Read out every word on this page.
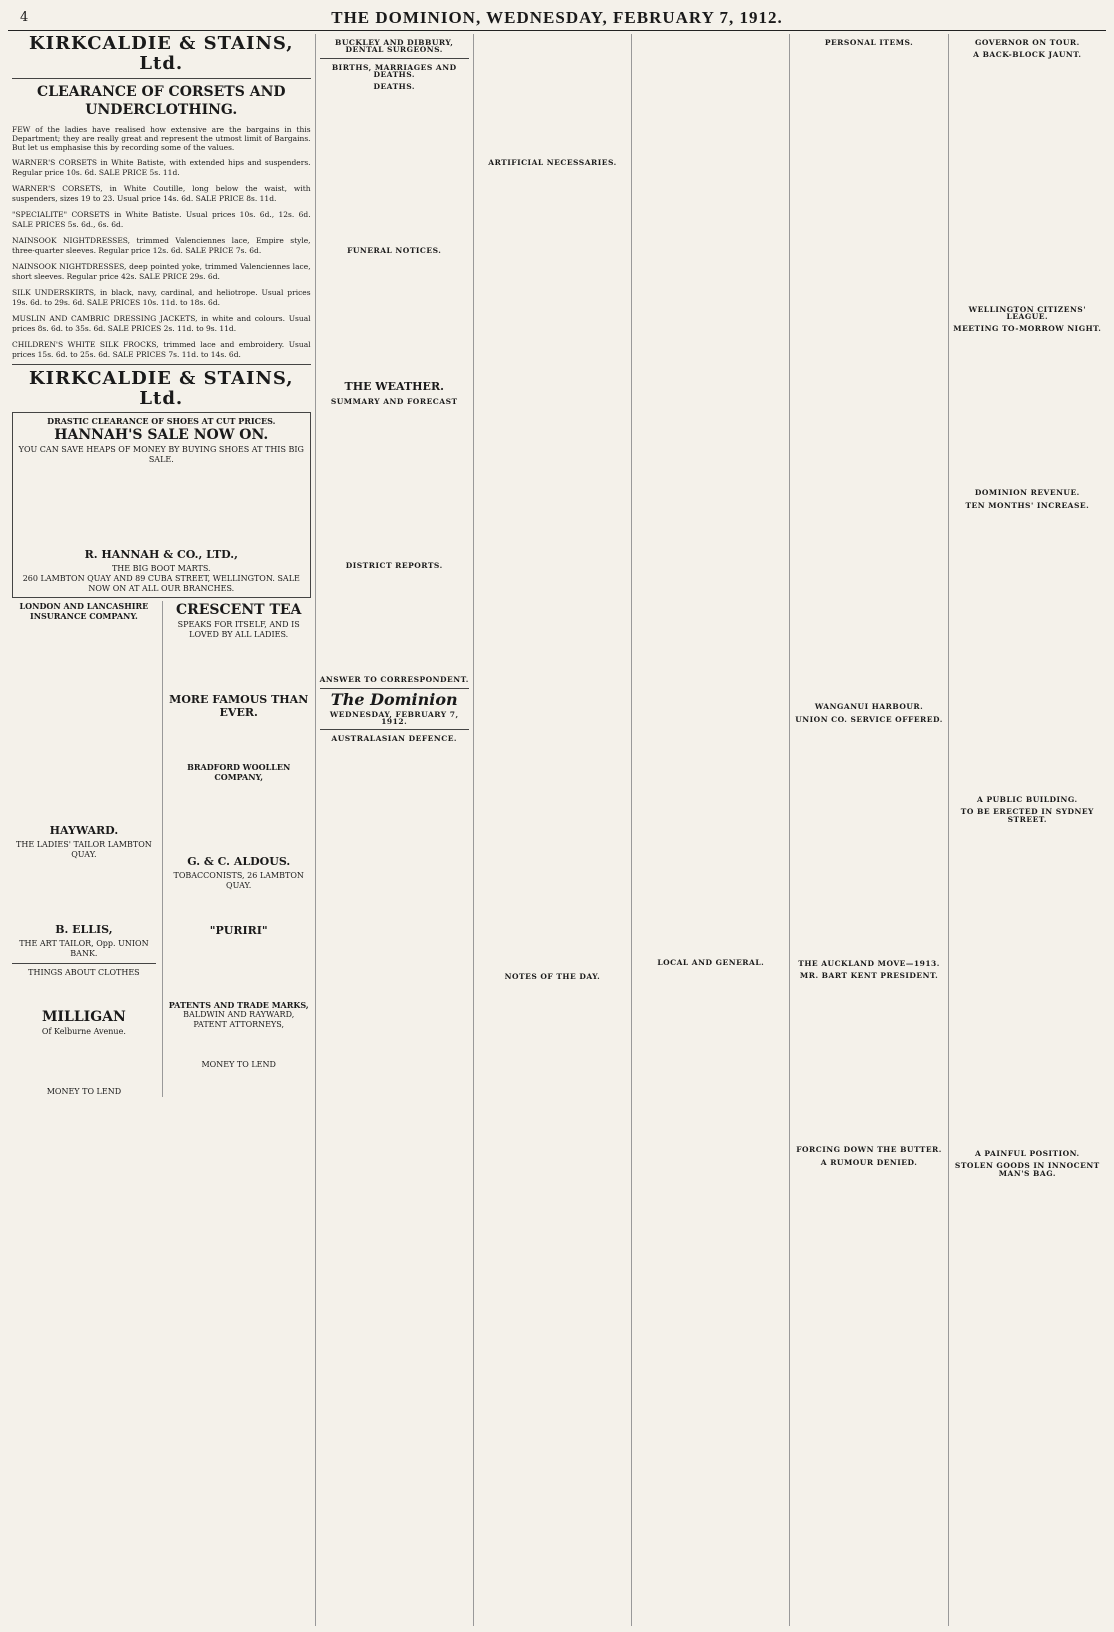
4	THE DOMINION, WEDNESDAY, FEBRUARY 7, 1912.
KIRKCALDIE & STAINS, Ltd.
CLEARANCE OF CORSETS AND UNDERCLOTHING.

FEW of the ladies have realised how extensive are the bargains in this Department; they are really great and represent the utmost limit of Bargains. But let us emphasise this by recording some of the values.

WARNER'S CORSETS in White Batiste, with extended hips and suspenders. Regular price 10s. 6d. SALE PRICE 5s. 11d.

WARNER'S CORSETS, in White Coutille, long below the waist, with suspenders, sizes 19 to 23. Usual price 14s. 6d. SALE PRICE 8s. 11d.

"SPECIALITE" CORSETS in White Batiste. Usual prices 10s. 6d., 12s. 6d. SALE PRICES 5s. 6d., 6s. 6d.

NAINSOOK NIGHTDRESSES, trimmed Valenciennes lace, Empire style, three-quarter sleeves. Regular price 12s. 6d. SALE PRICE 7s. 6d.

NAINSOOK NIGHTDRESSES, deep pointed yoke, trimmed Valenciennes lace, short sleeves. Regular price 42s. SALE PRICE 29s. 6d.

SILK UNDERSKIRTS, in black, navy, cardinal, and heliotrope. Usual prices 19s. 6d. to 29s. 6d. SALE PRICES 10s. 11d. to 18s. 6d.

MUSLIN AND CAMBRIC DRESSING JACKETS, in white and colours. Usual prices 8s. 6d. to 35s. 6d. SALE PRICES 2s. 11d. to 9s. 11d.

CHILDREN'S WHITE SILK FROCKS, trimmed lace and embroidery. Usual prices 15s. 6d. to 25s. 6d. SALE PRICES 7s. 11d. to 14s. 6d.

KIRKCALDIE & STAINS, Ltd.
DRASTIC CLEARANCE OF SHOES AT CUT PRICES.
HANNAH'S SALE NOW ON.
YOU CAN SAVE HEAPS OF MONEY BY BUYING SHOES AT THIS BIG SALE.
R. HANNAH & CO., LTD.,
THE BIG BOOT MARTS.
260 LAMBTON QUAY AND 89 CUBA STREET, WELLINGTON. SALE NOW ON AT ALL OUR BRANCHES.
LONDON AND LANCASHIRE INSURANCE COMPANY.
HAYWARD.
THE LADIES' TAILOR LAMBTON QUAY.
B. ELLIS,
THE ART TAILOR, Opp. UNION BANK.
THINGS ABOUT CLOTHES
MILLIGAN
Of Kelburne Avenue.
MONEY TO LEND
CRESCENT TEA
SPEAKS FOR ITSELF, AND IS LOVED BY ALL LADIES.
MORE FAMOUS THAN EVER.
BRADFORD WOOLLEN COMPANY,
G. & C. ALDOUS.
TOBACCONISTS, 26 LAMBTON QUAY.
"PURIRI"
PATENTS AND TRADE MARKS,
BALDWIN AND RAYWARD, PATENT ATTORNEYS,
MONEY TO LEND
BUCKLEY AND DIBBURY, DENTAL SURGEONS.
BIRTHS, MARRIAGES AND DEATHS.
DEATHS.
FUNERAL NOTICES.
THE WEATHER.
SUMMARY AND FORECAST
DISTRICT REPORTS.
ANSWER TO CORRESPONDENT.
The Dominion
WEDNESDAY, FEBRUARY 7, 1912.
AUSTRALASIAN DEFENCE.
ARTIFICIAL NECESSARIES.
NOTES OF THE DAY.
LOCAL AND GENERAL.
PERSONAL ITEMS.
WANGANUI HARBOUR.
UNION CO. SERVICE OFFERED.
THE AUCKLAND MOVE—1913.
MR. BART KENT PRESIDENT.
FORCING DOWN THE BUTTER.
A RUMOUR DENIED.
GOVERNOR ON TOUR.
A BACK-BLOCK JAUNT.
WELLINGTON CITIZENS' LEAGUE.
MEETING TO-MORROW NIGHT.
DOMINION REVENUE.
TEN MONTHS' INCREASE.
A PUBLIC BUILDING.
TO BE ERECTED IN SYDNEY STREET.
A PAINFUL POSITION.
STOLEN GOODS IN INNOCENT MAN'S BAG.
